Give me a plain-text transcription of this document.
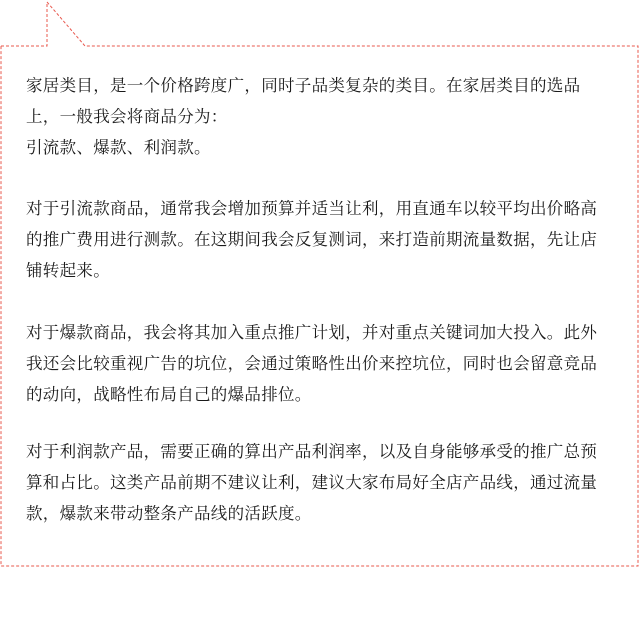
家居类目，是一个价格跨度广，同时子品类复杂的类目。在家居类目的选品
上，一般我会将商品分为：
引流款、爆款、利润款。

对于引流款商品，通常我会增加预算并适当让利，用直通车以较平均出价略高
的推广费用进行测款。在这期间我会反复测词，来打造前期流量数据，先让店
铺转起来。

对于爆款商品，我会将其加入重点推广计划，并对重点关键词加大投入。此外
我还会比较重视广告的坑位，会通过策略性出价来控坑位，同时也会留意竞品
的动向，战略性布局自己的爆品排位。

对于利润款产品，需要正确的算出产品利润率，以及自身能够承受的推广总预
算和占比。这类产品前期不建议让利，建议大家布局好全店产品线，通过流量
款，爆款来带动整条产品线的活跃度。
